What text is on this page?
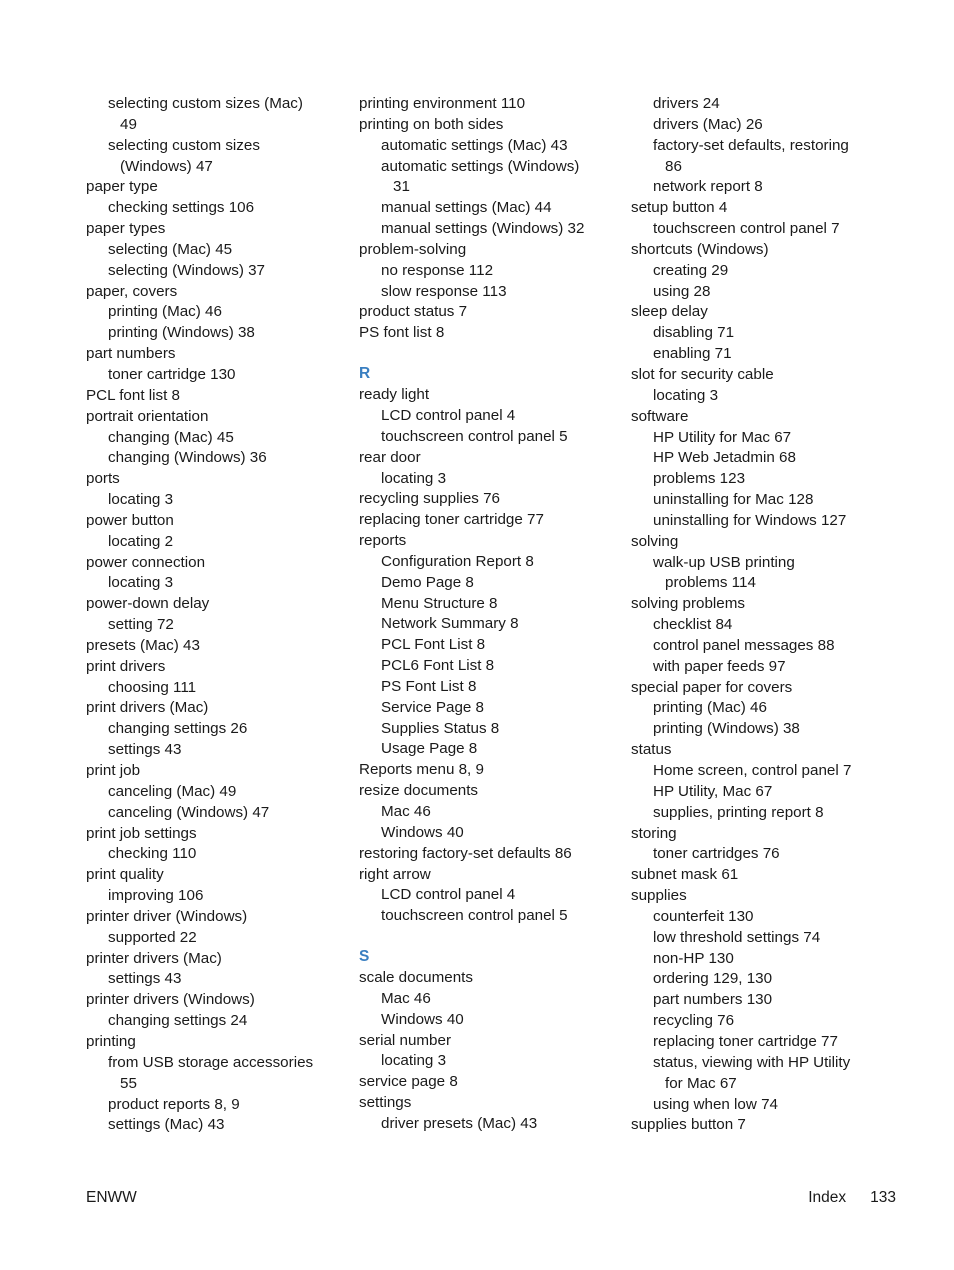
selecting custom sizes (Mac)
49
selecting custom sizes
(Windows) 47
paper type
checking settings 106
paper types
selecting (Mac) 45
selecting (Windows) 37
paper, covers
printing (Mac) 46
printing (Windows) 38
part numbers
toner cartridge 130
PCL font list 8
portrait orientation
changing (Mac) 45
changing (Windows) 36
ports
locating 3
power button
locating 2
power connection
locating 3
power-down delay
setting 72
presets (Mac) 43
print drivers
choosing 111
print drivers (Mac)
changing settings 26
settings 43
print job
canceling (Mac) 49
canceling (Windows) 47
print job settings
checking 110
print quality
improving 106
printer driver (Windows)
supported 22
printer drivers (Mac)
settings 43
printer drivers (Windows)
changing settings 24
printing
from USB storage accessories
55
product reports 8, 9
settings (Mac) 43
printing environment 110
printing on both sides
automatic settings (Mac) 43
automatic settings (Windows)
31
manual settings (Mac) 44
manual settings (Windows) 32
problem-solving
no response 112
slow response 113
product status 7
PS font list 8
R
ready light
LCD control panel 4
touchscreen control panel 5
rear door
locating 3
recycling supplies 76
replacing toner cartridge 77
reports
Configuration Report 8
Demo Page 8
Menu Structure 8
Network Summary 8
PCL Font List 8
PCL6 Font List 8
PS Font List 8
Service Page 8
Supplies Status 8
Usage Page 8
Reports menu 8, 9
resize documents
Mac 46
Windows 40
restoring factory-set defaults 86
right arrow
LCD control panel 4
touchscreen control panel 5
S
scale documents
Mac 46
Windows 40
serial number
locating 3
service page 8
settings
driver presets (Mac) 43
drivers 24
drivers (Mac) 26
factory-set defaults, restoring
86
network report 8
setup button 4
touchscreen control panel 7
shortcuts (Windows)
creating 29
using 28
sleep delay
disabling 71
enabling 71
slot for security cable
locating 3
software
HP Utility for Mac 67
HP Web Jetadmin 68
problems 123
uninstalling for Mac 128
uninstalling for Windows 127
solving
walk-up USB printing
problems 114
solving problems
checklist 84
control panel messages 88
with paper feeds 97
special paper for covers
printing (Mac) 46
printing (Windows) 38
status
Home screen, control panel 7
HP Utility, Mac 67
supplies, printing report 8
storing
toner cartridges 76
subnet mask 61
supplies
counterfeit 130
low threshold settings 74
non-HP 130
ordering 129, 130
part numbers 130
recycling 76
replacing toner cartridge 77
status, viewing with HP Utility
for Mac 67
using when low 74
supplies button 7
ENWW	Index 133
